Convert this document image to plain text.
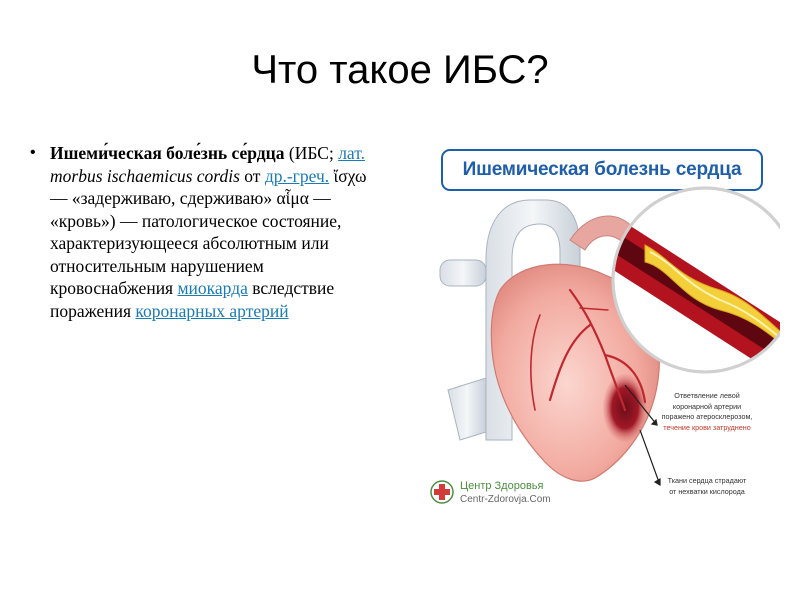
Что такое ИБС?
• Ишеми́ческая боле́знь се́рдца (ИБС; лат. morbus ischaemicus cordis от др.-греч. ἴσχω — «задерживаю, сдерживаю» αἷμα — «кровь») — патологическое состояние, характеризующееся абсолютным или относительным нарушением кровоснабжения миокарда вследствие поражения коронарных артерий

Ишемическая болезнь сердца
Ответвление левой
коронарной артерии
поражено атеросклерозом,
течение крови затруднено
Ткани сердца страдают
от нехватки кислорода
Центр Здоровья
Centr-Zdorovja.Com
